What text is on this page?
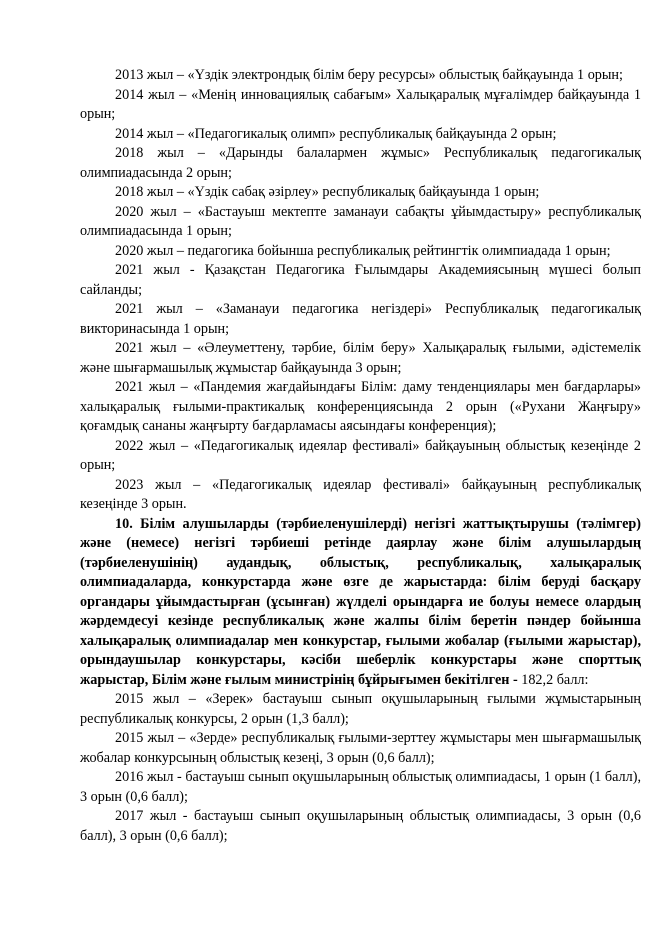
2013 жыл – «Үздік электрондық білім беру ресурсы» облыстық байқауында 1 орын;

2014 жыл – «Менің инновациялық сабағым» Халықаралық мұғалімдер байқауында 1 орын;

2014 жыл – «Педагогикалық олимп» республикалық байқауында 2 орын;

2018 жыл – «Дарынды балалармен жұмыс» Республикалық педагогикалық олимпиадасында 2 орын;

2018 жыл – «Үздік сабақ әзірлеу» республикалық байқауында 1 орын;

2020 жыл – «Бастауыш мектепте заманауи сабақты ұйымдастыру» республикалық олимпиадасында 1 орын;

2020 жыл – педагогика бойынша республикалық рейтингтік олимпиадада 1 орын;

2021 жыл - Қазақстан Педагогика Ғылымдары Академиясының мүшесі болып сайланды;

2021 жыл – «Заманауи педагогика негіздері» Республикалық педагогикалық викторинасында 1 орын;

2021 жыл – «Әлеуметтену, тәрбие, білім беру» Халықаралық ғылыми, әдістемелік және шығармашылық жұмыстар байқауында 3 орын;

2021 жыл – «Пандемия жағдайындағы Білім: даму тенденциялары мен бағдарлары» халықаралық ғылыми-практикалық конференциясында 2 орын («Рухани Жаңғыру» қоғамдық сананы жаңғырту бағдарламасы аясындағы конференция);

2022 жыл – «Педагогикалық идеялар фестивалі» байқауының облыстық кезеңінде 2 орын;

2023 жыл – «Педагогикалық идеялар фестивалі» байқауының республикалық кезеңінде 3 орын.

10. Білім алушыларды (тәрбиеленушілерді) негізгі жаттықтырушы (тәлімгер) және (немесе) негізгі тәрбиеші ретінде даярлау және білім алушылардың (тәрбиеленушінің) аудандық, облыстық, республикалық, халықаралық олимпиадаларда, конкурстарда және өзге де жарыстарда: білім беруді басқару органдары ұйымдастырған (ұсынған) жүлделі орындарға ие болуы немесе олардың жәрдемдесуі кезінде республикалық және жалпы білім беретін пәндер бойынша халықаралық олимпиадалар мен конкурстар, ғылыми жобалар (ғылыми жарыстар), орындаушылар конкурстары, кәсіби шеберлік конкурстары және спорттық жарыстар, Білім және ғылым министрінің бұйрығымен бекітілген - 182,2 балл:

2015 жыл – «Зерек» бастауыш сынып оқушыларының ғылыми жұмыстарының республикалық конкурсы, 2 орын (1,3 балл);

2015 жыл – «Зерде» республикалық ғылыми-зерттеу жұмыстары мен шығармашылық жобалар конкурсының облыстық кезеңі, 3 орын (0,6 балл);

2016 жыл - бастауыш сынып оқушыларының облыстық олимпиадасы, 1 орын (1 балл), 3 орын (0,6 балл);

2017 жыл - бастауыш сынып оқушыларының облыстық олимпиадасы, 3 орын (0,6 балл), 3 орын (0,6 балл);
